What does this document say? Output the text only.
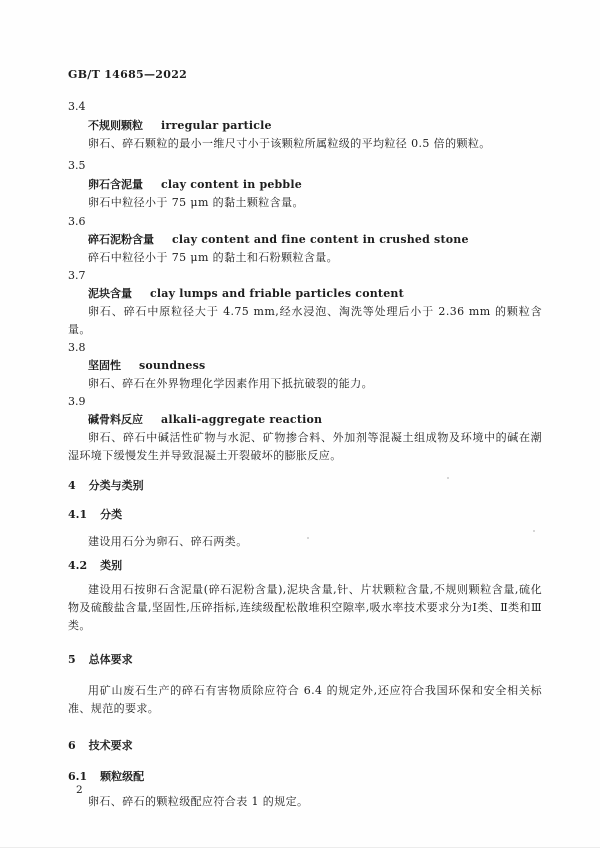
GB/T 14685—2022
3.4
不规则颗粒 irregular particle

卵石、碎石颗粒的最小一维尺寸小于该颗粒所属粒级的平均粒径 0.5 倍的颗粒。

3.5
卵石含泥量 clay content in pebble

卵石中粒径小于 75 μm 的黏土颗粒含量。

3.6
碎石泥粉含量 clay content and fine content in crushed stone

碎石中粒径小于 75 μm 的黏土和石粉颗粒含量。

3.7
泥块含量 clay lumps and friable particles content

卵石、碎石中原粒径大于 4.75 mm,经水浸泡、淘洗等处理后小于 2.36 mm 的颗粒含量。

3.8
坚固性 soundness

卵石、碎石在外界物理化学因素作用下抵抗破裂的能力。

3.9
碱骨料反应 alkali-aggregate reaction

卵石、碎石中碱活性矿物与水泥、矿物掺合料、外加剂等混凝土组成物及环境中的碱在潮湿环境下缓慢发生并导致混凝土开裂破坏的膨胀反应。

4 分类与类别
4.1 分类

建设用石分为卵石、碎石两类。

4.2 类别

建设用石按卵石含泥量(碎石泥粉含量),泥块含量,针、片状颗粒含量,不规则颗粒含量,硫化物及硫酸盐含量,坚固性,压碎指标,连续级配松散堆积空隙率,吸水率技术要求分为Ⅰ类、Ⅱ类和Ⅲ类。

5 总体要求

用矿山废石生产的碎石有害物质除应符合 6.4 的规定外,还应符合我国环保和安全相关标准、规范的要求。

6 技术要求
6.1 颗粒级配

卵石、碎石的颗粒级配应符合表 1 的规定。

2
